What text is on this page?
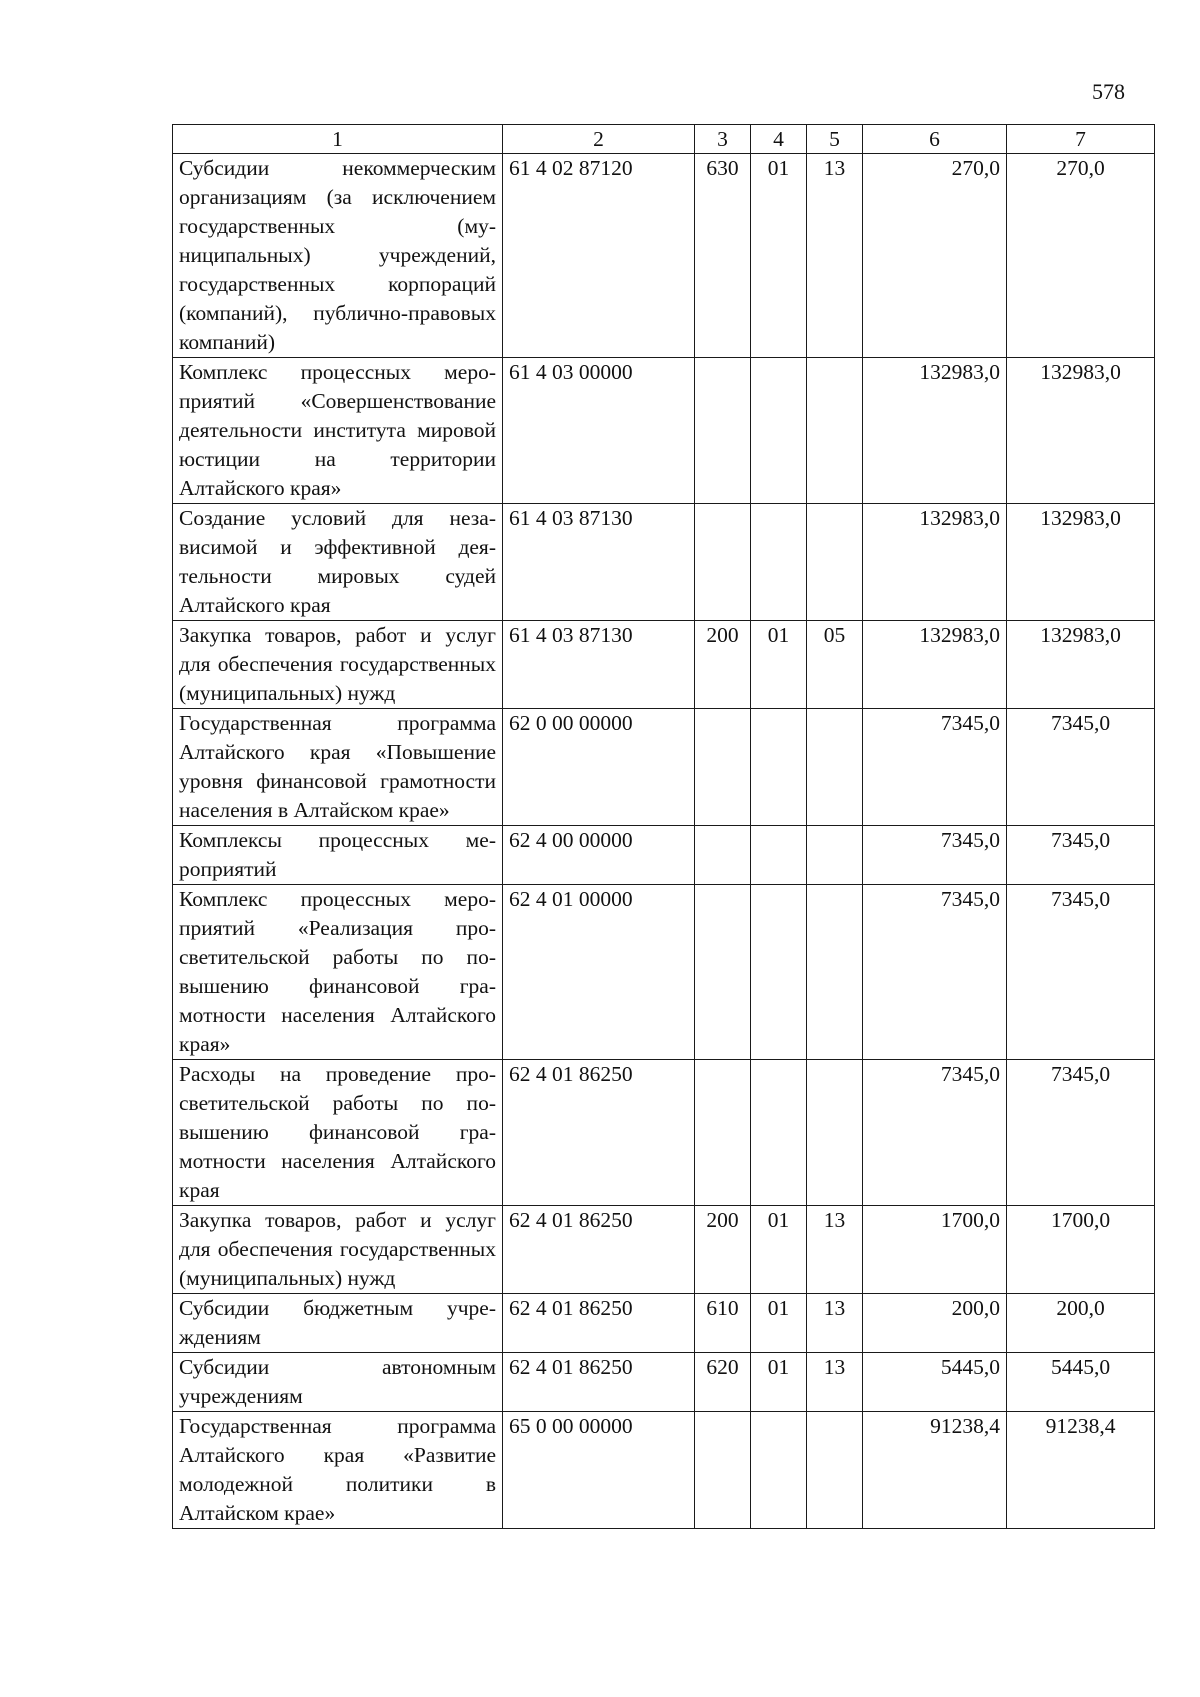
578
1	2	3	4	5	6	7
Субсидии некоммерческим организациям (за исключением государственных (муниципальных) учреждений, государственных корпораций (компаний), публично-правовых компаний)	61 4 02 87120	630	01	13	270,0	270,0
Комплекс процессных мероприятий «Совершенствование деятельности института мировой юстиции на территории Алтайского края»	61 4 03 00000				132983,0	132983,0
Создание условий для независимой и эффективной деятельности мировых судей Алтайского края	61 4 03 87130				132983,0	132983,0
Закупка товаров, работ и услуг для обеспечения государственных (муниципальных) нужд	61 4 03 87130	200	01	05	132983,0	132983,0
Государственная программа Алтайского края «Повышение уровня финансовой грамотности населения в Алтайском крае»	62 0 00 00000				7345,0	7345,0
Комплексы процессных мероприятий	62 4 00 00000				7345,0	7345,0
Комплекс процессных мероприятий «Реализация просветительской работы по повышению финансовой грамотности населения Алтайского края»	62 4 01 00000				7345,0	7345,0
Расходы на проведение просветительской работы по повышению финансовой грамотности населения Алтайского края	62 4 01 86250				7345,0	7345,0
Закупка товаров, работ и услуг для обеспечения государственных (муниципальных) нужд	62 4 01 86250	200	01	13	1700,0	1700,0
Субсидии бюджетным учреждениям	62 4 01 86250	610	01	13	200,0	200,0
Субсидии автономным учреждениям	62 4 01 86250	620	01	13	5445,0	5445,0
Государственная программа Алтайского края «Развитие молодежной политики в Алтайском крае»	65 0 00 00000				91238,4	91238,4
